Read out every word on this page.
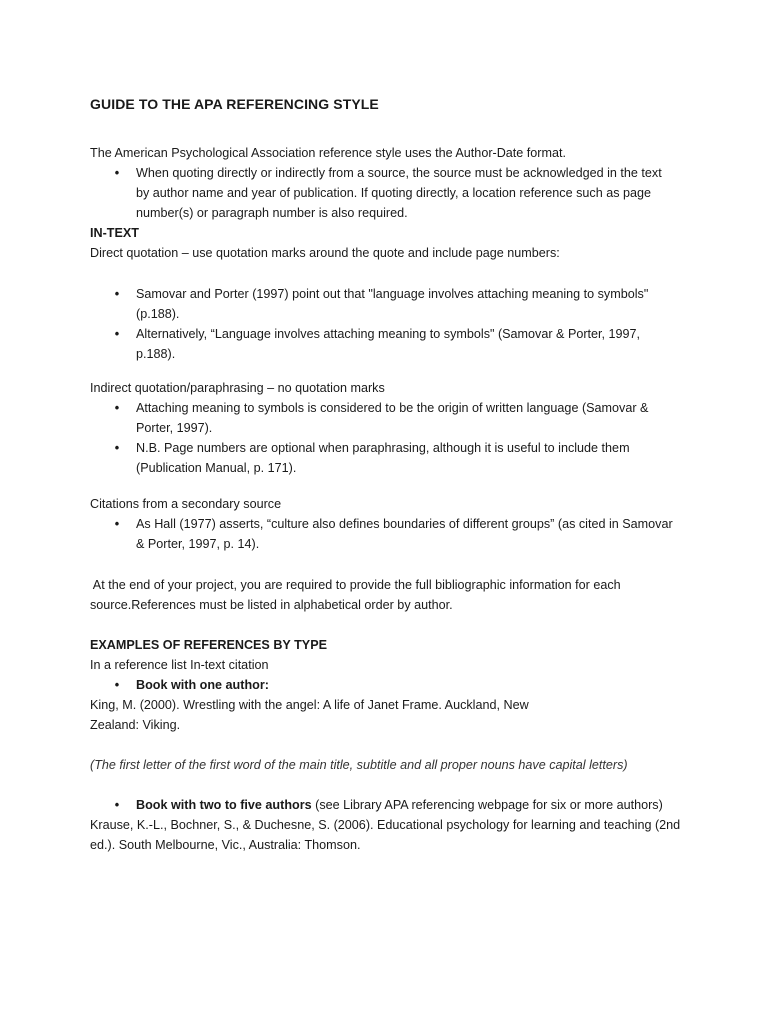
GUIDE TO THE APA REFERENCING STYLE

The American Psychological Association reference style uses the Author-Date format.

• When quoting directly or indirectly from a source, the source must be acknowledged in the text
by author name and year of publication. If quoting directly, a location reference such as page
number(s) or paragraph number is also required.

IN-TEXT

Direct quotation – use quotation marks around the quote and include page numbers:

• Samovar and Porter (1997) point out that "language involves attaching meaning to symbols"
(p.188).
• Alternatively, “Language involves attaching meaning to symbols" (Samovar & Porter, 1997,
p.188).

Indirect quotation/paraphrasing – no quotation marks

• Attaching meaning to symbols is considered to be the origin of written language (Samovar &
Porter, 1997).
• N.B. Page numbers are optional when paraphrasing, although it is useful to include them
(Publication Manual, p. 171).

Citations from a secondary source

• As Hall (1977) asserts, “culture also defines boundaries of different groups” (as cited in Samovar
& Porter, 1997, p. 14).
At the end of your project, you are required to provide the full bibliographic information for each
source.References must be listed in alphabetical order by author.

EXAMPLES OF REFERENCES BY TYPE

In a reference list In-text citation

• Book with one author:
King, M. (2000). Wrestling with the angel: A life of Janet Frame. Auckland, New
Zealand: Viking.

(The first letter of the first word of the main title, subtitle and all proper nouns have capital letters)

• Book with two to five authors (see Library APA referencing webpage for six or more authors)
Krause, K.-L., Bochner, S., & Duchesne, S. (2006). Educational psychology for learning and teaching (2nd
ed.). South Melbourne, Vic., Australia: Thomson.
